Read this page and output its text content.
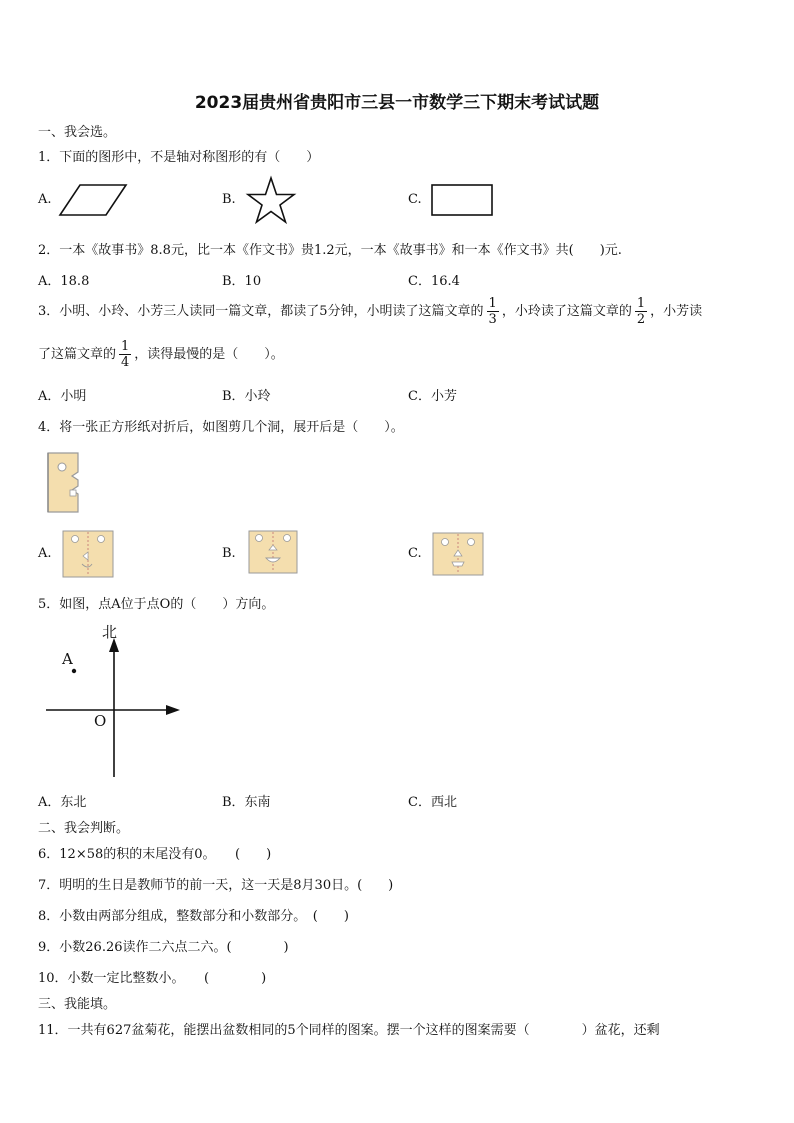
2023届贵州省贵阳市三县一市数学三下期末考试试题
一、我会选。
1．下面的图形中，不是轴对称图形的有（　　）
A.	B.	C.
2．一本《故事书》8.8元，比一本《作文书》贵1.2元，一本《故事书》和一本《作文书》共(　　)元.
A．18.8	B．10	C．16.4
3．小明、小玲、小芳三人读同一篇文章，都读了5分钟，小明读了这篇文章的 $\frac{1}{3}$ ，小玲读了这篇文章的 $\frac{1}{2}$ ，小芳读
了这篇文章的 $\frac{1}{4}$ ，读得最慢的是（　　）。
A．小明	B．小玲	C．小芳
4．将一张正方形纸对折后，如图剪几个洞，展开后是（　　）。
A.	B.	C.
5．如图，点A位于点O的（　　）方向。
北
A
O
A．东北	B．东南	C．西北
二、我会判断。
6．12×58的积的末尾没有0。　　(　　)
7．明明的生日是教师节的前一天，这一天是8月30日。(　　)
8．小数由两部分组成，整数部分和小数部分。　(　　)
9．小数26.26读作二六点二六。(　　　　)
10．小数一定比整数小。　　(　　　　)
三、我能填。
11．一共有627盆菊花，能摆出盆数相同的5个同样的图案。摆一个这样的图案需要（　　　　）盆花，还剩
